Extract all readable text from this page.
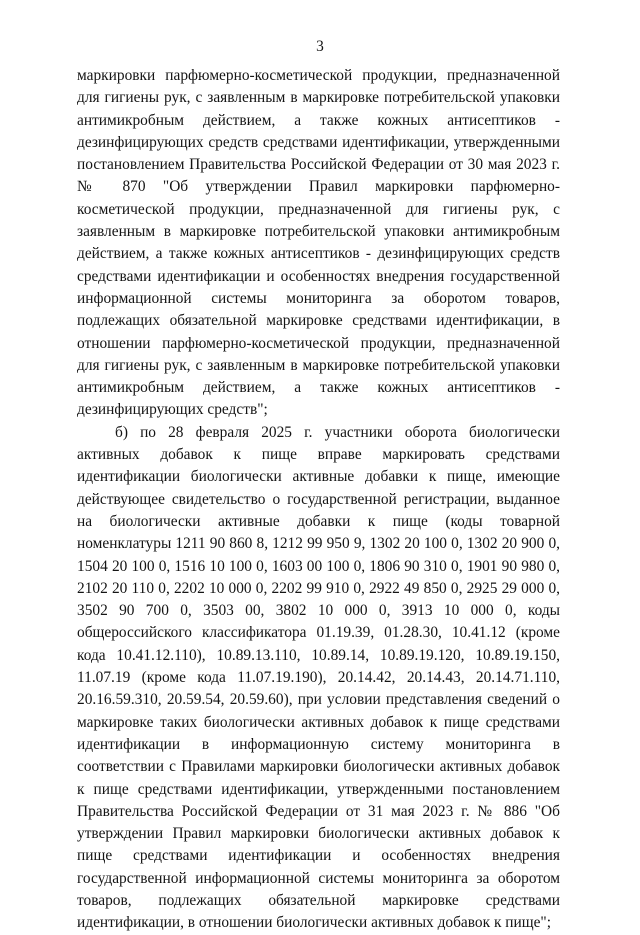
3

маркировки парфюмерно-косметической продукции, предназначенной для гигиены рук, с заявленным в маркировке потребительской упаковки антимикробным действием, а также кожных антисептиков - дезинфицирующих средств средствами идентификации, утвержденными постановлением Правительства Российской Федерации от 30 мая 2023 г. № 870 "Об утверждении Правил маркировки парфюмерно-косметической продукции, предназначенной для гигиены рук, с заявленным в маркировке потребительской упаковки антимикробным действием, а также кожных антисептиков - дезинфицирующих средств средствами идентификации и особенностях внедрения государственной информационной системы мониторинга за оборотом товаров, подлежащих обязательной маркировке средствами идентификации, в отношении парфюмерно-косметической продукции, предназначенной для гигиены рук, с заявленным в маркировке потребительской упаковки антимикробным действием, а также кожных антисептиков - дезинфицирующих средств";

б) по 28 февраля 2025 г. участники оборота биологически активных добавок к пище вправе маркировать средствами идентификации биологически активные добавки к пище, имеющие действующее свидетельство о государственной регистрации, выданное на биологически активные добавки к пище (коды товарной номенклатуры 1211 90 860 8, 1212 99 950 9, 1302 20 100 0, 1302 20 900 0, 1504 20 100 0, 1516 10 100 0, 1603 00 100 0, 1806 90 310 0, 1901 90 980 0, 2102 20 110 0, 2202 10 000 0, 2202 99 910 0, 2922 49 850 0, 2925 29 000 0, 3502 90 700 0, 3503 00, 3802 10 000 0, 3913 10 000 0, коды общероссийского классификатора 01.19.39, 01.28.30, 10.41.12 (кроме кода 10.41.12.110), 10.89.13.110, 10.89.14, 10.89.19.120, 10.89.19.150, 11.07.19 (кроме кода 11.07.19.190), 20.14.42, 20.14.43, 20.14.71.110, 20.16.59.310, 20.59.54, 20.59.60), при условии представления сведений о маркировке таких биологически активных добавок к пище средствами идентификации в информационную систему мониторинга в соответствии с Правилами маркировки биологически активных добавок к пище средствами идентификации, утвержденными постановлением Правительства Российской Федерации от 31 мая 2023 г. № 886 "Об утверждении Правил маркировки биологически активных добавок к пище средствами идентификации и особенностях внедрения государственной информационной системы мониторинга за оборотом товаров, подлежащих обязательной маркировке средствами идентификации, в отношении биологически активных добавок к пище";
